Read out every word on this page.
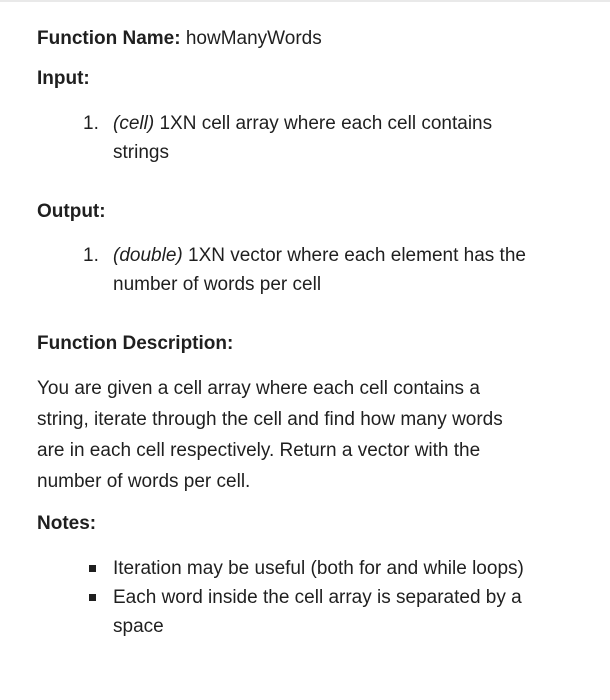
Function Name: howManyWords

Input:

1. (cell) 1XN cell array where each cell contains strings

Output:

1. (double) 1XN vector where each element has the number of words per cell

Function Description:

You are given a cell array where each cell contains a string, iterate through the cell and find how many words are in each cell respectively. Return a vector with the number of words per cell.

Notes:

Iteration may be useful (both for and while loops)
Each word inside the cell array is separated by a space
